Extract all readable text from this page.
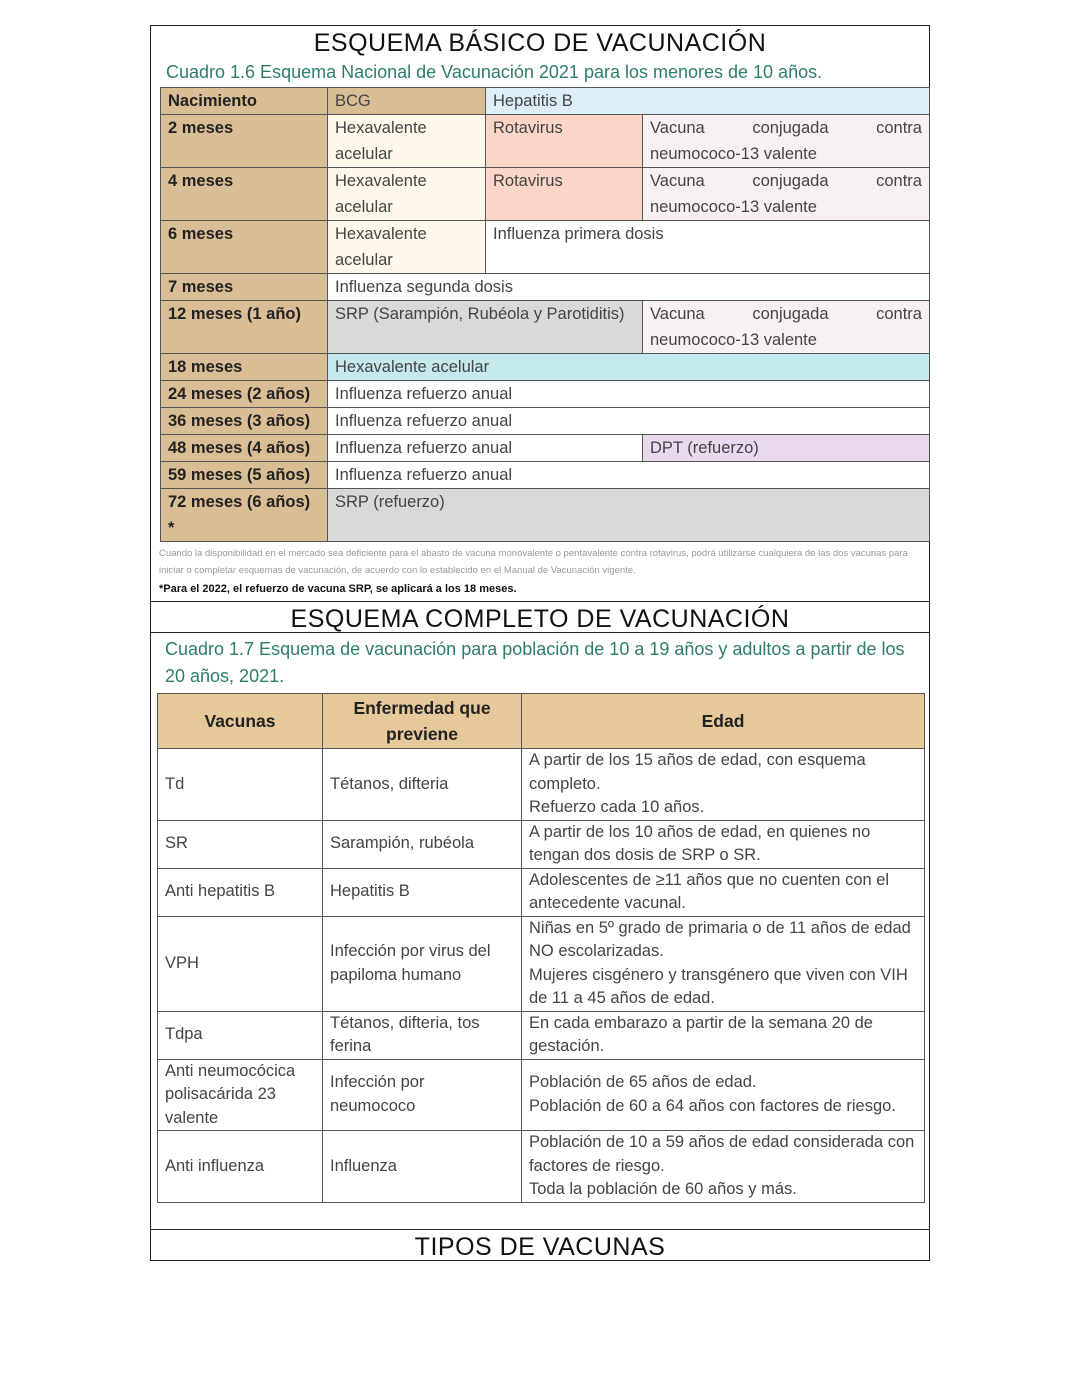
ESQUEMA BÁSICO DE VACUNACIÓN
Cuadro 1.6 Esquema Nacional de Vacunación 2021 para los menores de 10 años.
Nacimiento	BCG	Hepatitis B	
2 meses	Hexavalente acelular	Rotavirus	Vacuna conjugada contra
neumococo-13 valente

4 meses	Hexavalente acelular	Rotavirus	Vacuna conjugada contra
neumococo-13 valente

6 meses	Hexavalente acelular	Influenza primera dosis	
7 meses	Influenza segunda dosis		
12 meses (1 año)	SRP (Sarampión, Rubéola y Parotiditis)		Vacuna conjugada contra
neumococo-13 valente

18 meses	Hexavalente acelular		
24 meses (2 años)	Influenza refuerzo anual		
36 meses (3 años)	Influenza refuerzo anual		
48 meses (4 años)	Influenza refuerzo anual		DPT (refuerzo)
59 meses (5 años)	Influenza refuerzo anual		
72 meses (6 años) *	SRP (refuerzo)		
Cuando la disponibilidad en el mercado sea deficiente para el abasto de vacuna monovalente o pentavalente contra rotavirus, podrá utilizarse cualquiera de las dos vacunas para iniciar o completar esquemas de vacunación, de acuerdo con lo establecido en el Manual de Vacunación vigente.
*Para el 2022, el refuerzo de vacuna SRP, se aplicará a los 18 meses.
ESQUEMA COMPLETO DE VACUNACIÓN
Cuadro 1.7 Esquema de vacunación para población de 10 a 19 años y adultos a partir de los 20 años, 2021.
Vacunas	Enfermedad que previene	Edad
Td	Tétanos, difteria	A partir de los 15 años de edad, con esquema completo.
Refuerzo cada 10 años.

SR	Sarampión, rubéola	A partir de los 10 años de edad, en quienes no tengan dos dosis de SRP o SR.

Anti hepatitis B	Hepatitis B	Adolescentes de ≥11 años que no cuenten con el antecedente vacunal.

VPH	Infección por virus del papiloma humano	Niñas en 5º grado de primaria o de 11 años de edad NO escolarizadas.
Mujeres cisgénero y transgénero que viven con VIH de 11 a 45 años de edad.

Tdpa	Tétanos, difteria, tos ferina	En cada embarazo a partir de la semana 20 de gestación.

Anti neumocócica polisacárida 23 valente	Infección por neumococo	Población de 65 años de edad.
Población de 60 a 64 años con factores de riesgo.

Anti influenza	Influenza	Población de 10 a 59 años de edad considerada con factores de riesgo.
Toda la población de 60 años y más.
TIPOS DE VACUNAS
